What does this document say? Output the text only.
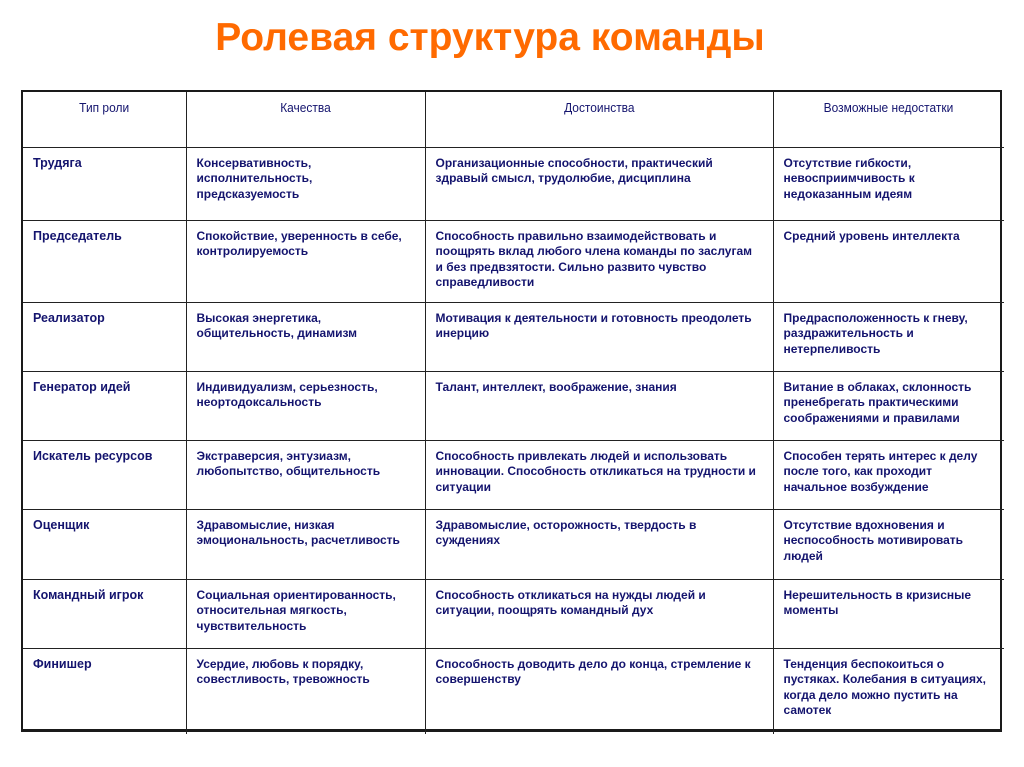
Ролевая структура команды
Тип роли	Качества	Достоинства	Возможные недостатки

Трудяга	Консервативность, исполнительность, предсказуемость	Организационные способности, практический здравый смысл, трудолюбие, дисциплина	Отсутствие гибкости, невосприимчивость к недоказанным идеям

Председатель	Спокойствие, уверенность в себе, контролируемость	Способность правильно взаимодействовать и поощрять вклад любого члена команды по заслугам и без предвзятости. Сильно развито чувство справедливости	Средний уровень интеллекта

Реализатор	Высокая энергетика, общительность, динамизм	Мотивация к деятельности и готовность преодолеть инерцию	Предрасположенность к гневу, раздражительность и нетерпеливость

Генератор идей	Индивидуализм, серьезность, неортодоксальность	Талант, интеллект, воображение, знания	Витание в облаках, склонность пренебрегать практическими соображениями и правилами

Искатель ресурсов	Экстраверсия, энтузиазм, любопытство, общительность	Способность привлекать людей и использовать инновации. Способность откликаться на трудности и ситуации	Способен терять интерес к делу после того, как проходит начальное возбуждение

Оценщик	Здравомыслие, низкая эмоциональность, расчетливость	Здравомыслие, осторожность, твердость в суждениях	Отсутствие вдохновения и неспособность мотивировать людей

Командный игрок	Социальная ориентированность, относительная мягкость, чувствительность	Способность откликаться на нужды людей и ситуации, поощрять командный дух	Нерешительность в кризисные моменты

Финишер	Усердие, любовь к порядку, совестливость, тревожность	Способность доводить дело до конца, стремление к совершенству	Тенденция беспокоиться о пустяках. Колебания в ситуациях, когда дело можно пустить на самотек
